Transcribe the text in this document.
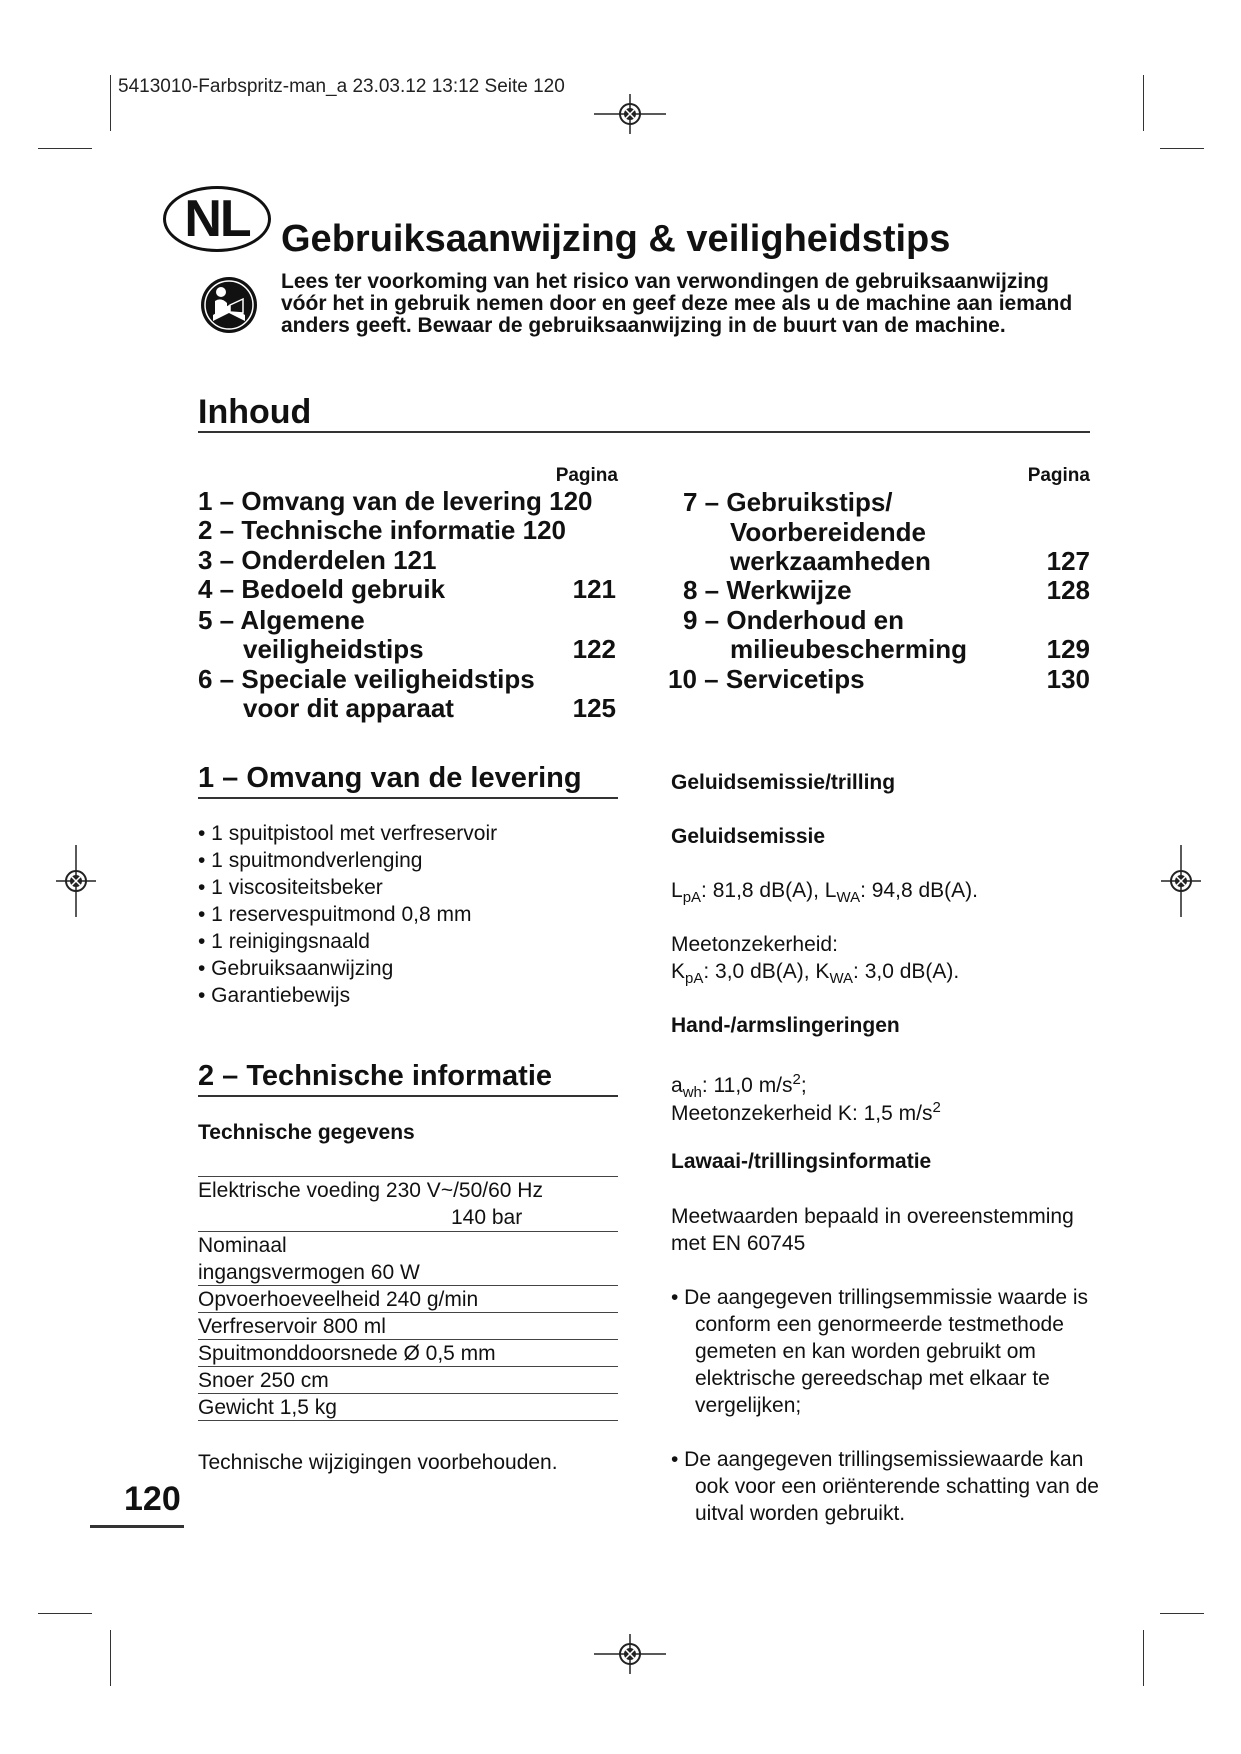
5413010-Farbspritz-man_a 23.03.12 13:12 Seite 120
NL Gebruiksaanwijzing & veiligheidstips
Lees ter voorkoming van het risico van verwondingen de gebruiksaanwijzing vóór het in gebruik nemen door en geef deze mee als u de machine aan iemand anders geeft. Bewaar de gebruiksaanwijzing in de buurt van de machine.
Inhoud
Pagina	Pagina
1 – Omvang van de levering 120
2 – Technische informatie 120
3 – Onderdelen 121
4 – Bedoeld gebruik	121
5 – Algemene
veiligheidstips	122
6 – Speciale veiligheidstips
voor dit apparaat	125
7 – Gebruikstips/
Voorbereidende
werkzaamheden	127
8 – Werkwijze	128
9 – Onderhoud en
milieubescherming	129
10 – Servicetips	130
1 – Omvang van de levering
• 1 spuitpistool met verfreservoir
• 1 spuitmondverlenging
• 1 viscositeitsbeker
• 1 reservespuitmond 0,8 mm
• 1 reinigingsnaald
• Gebruiksaanwijzing
• Garantiebewijs
2 – Technische informatie
Technische gegevens
Elektrische voeding 230 V~/50/60 Hz
140 bar
Nominaal
ingangsvermogen 60 W
Opvoerhoeveelheid 240 g/min
Verfreservoir 800 ml
Spuitmonddoorsnede Ø 0,5 mm
Snoer 250 cm
Gewicht 1,5 kg
Technische wijzigingen voorbehouden.
Geluidsemissie/trilling
Geluidsemissie
$L_{pA}$: 81,8 dB(A), $L_{WA}$: 94,8 dB(A).
Meetonzekerheid:
$K_{pA}$: 3,0 dB(A), $K_{WA}$: 3,0 dB(A).
Hand-/armslingeringen
$a_{wh}$: 11,0 $m/s^2$;
Meetonzekerheid K: 1,5 $m/s^2$
Lawaai-/trillingsinformatie
Meetwaarden bepaald in overeenstemming met EN 60745
• De aangegeven trillingsemmissie waarde is conform een genormeerde testmethode gemeten en kan worden gebruikt om elektrische gereedschap met elkaar te vergelijken;
• De aangegeven trillingsemissiewaarde kan ook voor een oriënterende schatting van de uitval worden gebruikt.
120
